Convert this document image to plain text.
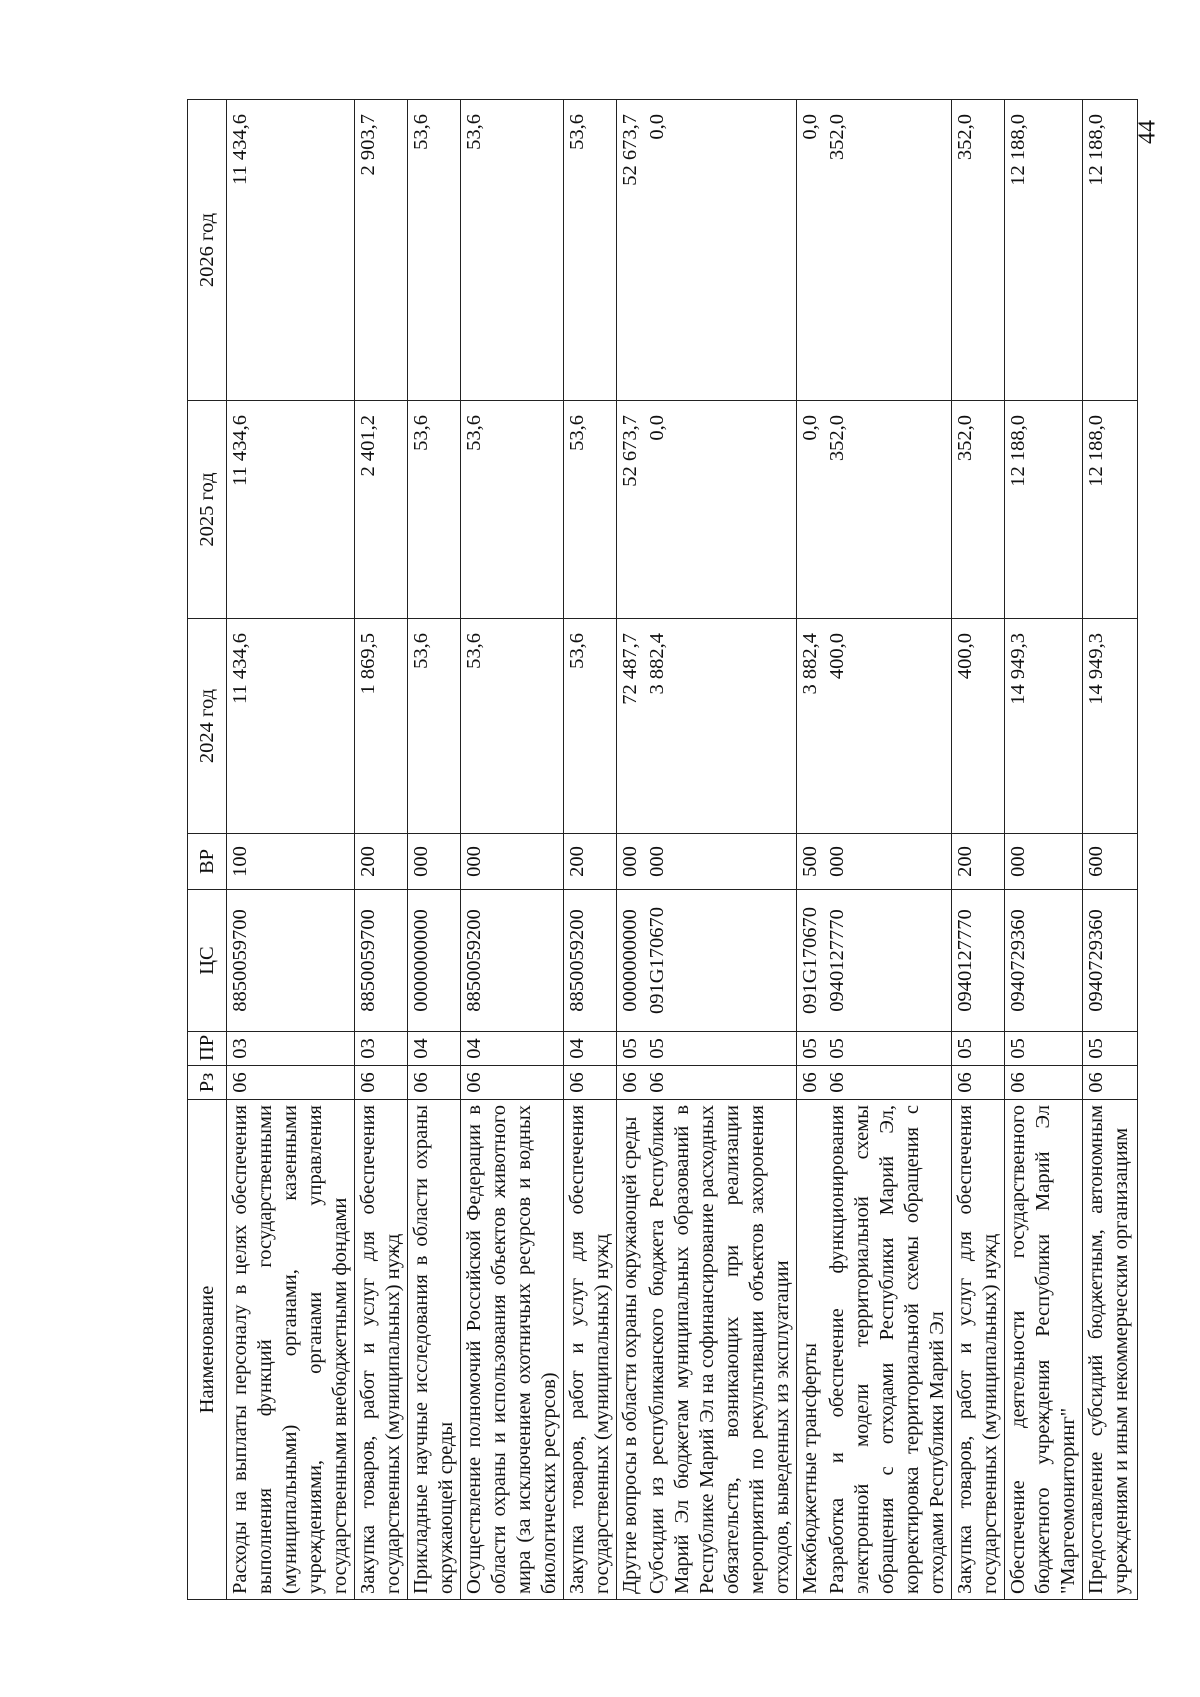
44
Наименование	Рз	ПР	ЦС	ВР	2024 год	2025 год	2026 год
Расходы на выплаты персоналу в целях обеспечения выполнения функций государственными (муниципальными) органами, казенными учреждениями, органами управления государственными внебюджетными фондами	06	03	8850059700	100	11 434,6	11 434,6	11 434,6
Закупка товаров, работ и услуг для обеспечения государственных (муниципальных) нужд	06	03	8850059700	200	1 869,5	2 401,2	2 903,7
Прикладные научные исследования в области охраны окружающей среды	06	04	0000000000	000	53,6	53,6	53,6
Осуществление полномочий Российской Федерации в области охраны и использования объектов животного мира (за исключением охотничьих ресурсов и водных биологических ресурсов)	06	04	8850059200	000	53,6	53,6	53,6
Закупка товаров, работ и услуг для обеспечения государственных (муниципальных) нужд	06	04	8850059200	200	53,6	53,6	53,6
Другие вопросы в области охраны окружающей среды	06	05	0000000000	000	72 487,7	52 673,7	52 673,7
Субсидии из республиканского бюджета Республики Марий Эл бюджетам муниципальных образований в Республике Марий Эл на софинансирование расходных обязательств, возникающих при реализации мероприятий по рекультивации объектов захоронения отходов, выведенных из эксплуатации	06	05	091G170670	000	3 882,4	0,0	0,0
Межбюджетные трансферты	06	05	091G170670	500	3 882,4	0,0	0,0
Разработка и обеспечение функционирования электронной модели территориальной схемы обращения с отходами Республики Марий Эл, корректировка территориальной схемы обращения с отходами Республики Марий Эл	06	05	0940127770	000	400,0	352,0	352,0
Закупка товаров, работ и услуг для обеспечения государственных (муниципальных) нужд	06	05	0940127770	200	400,0	352,0	352,0
Обеспечение деятельности государственного бюджетного учреждения Республики Марий Эл "Маргеомониторинг"	06	05	0940729360	000	14 949,3	12 188,0	12 188,0
Предоставление субсидий бюджетным, автономным учреждениям и иным некоммерческим организациям	06	05	0940729360	600	14 949,3	12 188,0	12 188,0
